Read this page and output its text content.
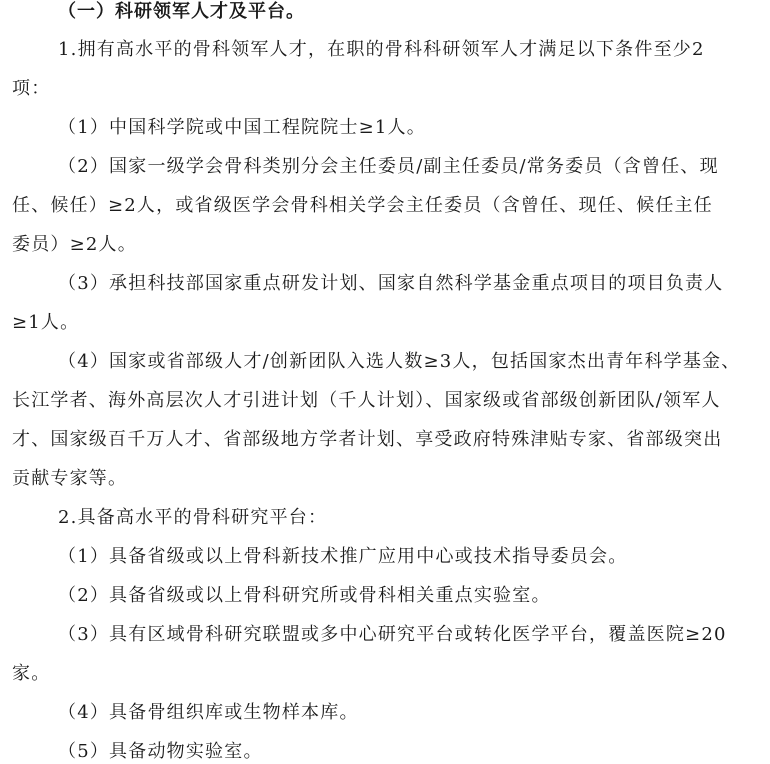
（一）科研领军人才及平台。
1.拥有高水平的骨科领军人才，在职的骨科科研领军人才满足以下条件至少2
项：
（1）中国科学院或中国工程院院士≥1人。
（2）国家一级学会骨科类别分会主任委员/副主任委员/常务委员（含曾任、现
任、候任）≥2人，或省级医学会骨科相关学会主任委员（含曾任、现任、候任主任
委员）≥2人。
（3）承担科技部国家重点研发计划、国家自然科学基金重点项目的项目负责人
≥1人。
（4）国家或省部级人才/创新团队入选人数≥3人，包括国家杰出青年科学基金、
长江学者、海外高层次人才引进计划（千人计划）、国家级或省部级创新团队/领军人
才、国家级百千万人才、省部级地方学者计划、享受政府特殊津贴专家、省部级突出
贡献专家等。
2.具备高水平的骨科研究平台：
（1）具备省级或以上骨科新技术推广应用中心或技术指导委员会。
（2）具备省级或以上骨科研究所或骨科相关重点实验室。
（3）具有区域骨科研究联盟或多中心研究平台或转化医学平台，覆盖医院≥20
家。
（4）具备骨组织库或生物样本库。
（5）具备动物实验室。
